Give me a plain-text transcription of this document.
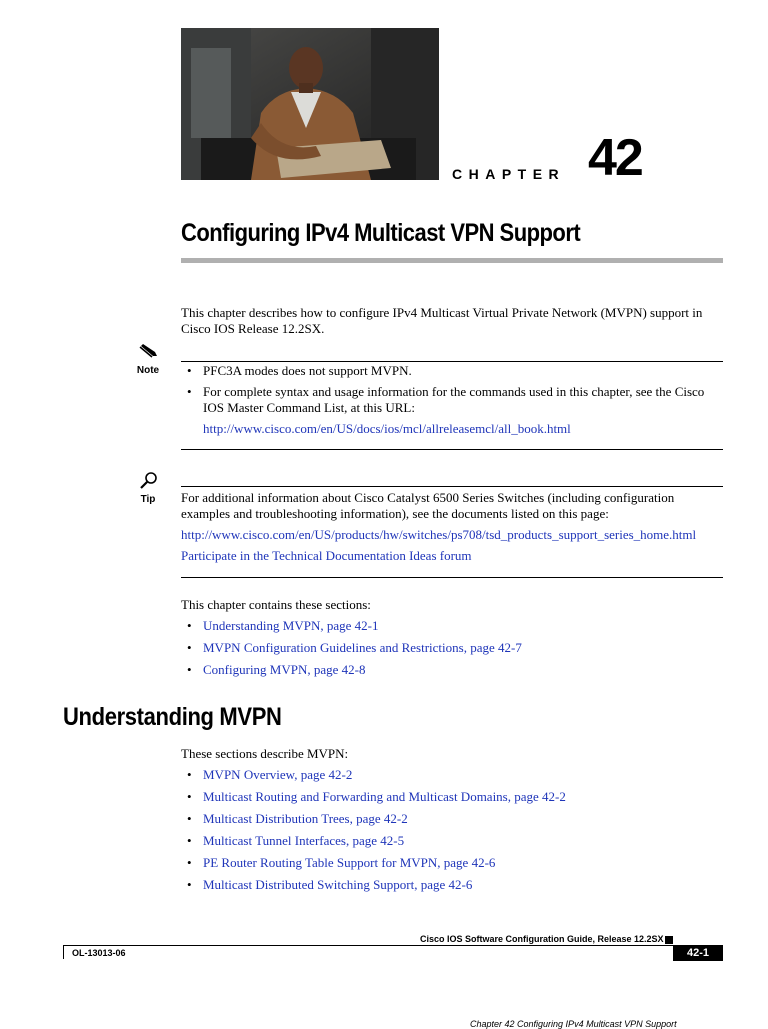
CHAPTER 42
Configuring IPv4 Multicast VPN Support
This chapter describes how to configure IPv4 Multicast Virtual Private Network (MVPN) support in Cisco IOS Release 12.2SX.
Note
•	PFC3A modes does not support MVPN.
• For complete syntax and usage information for the commands used in this chapter, see the Cisco IOS Master Command List, at this URL:
http://www.cisco.com/en/US/docs/ios/mcl/allreleasemcl/all_book.html
Tip	For additional information about Cisco Catalyst 6500 Series Switches (including configuration examples and troubleshooting information), see the documents listed on this page:
http://www.cisco.com/en/US/products/hw/switches/ps708/tsd_products_support_series_home.html
Participate in the Technical Documentation Ideas forum
This chapter contains these sections:
• Understanding MVPN, page 42-1
• MVPN Configuration Guidelines and Restrictions, page 42-7
• Configuring MVPN, page 42-8
Understanding MVPN
These sections describe MVPN:
• MVPN Overview, page 42-2
• Multicast Routing and Forwarding and Multicast Domains, page 42-2
• Multicast Distribution Trees, page 42-2
• Multicast Tunnel Interfaces, page 42-5
• PE Router Routing Table Support for MVPN, page 42-6
• Multicast Distributed Switching Support, page 42-6
Cisco IOS Software Configuration Guide, Release 12.2SX
OL-13013-06	42-1
Chapter 42 Configuring IPv4 Multicast VPN Support
